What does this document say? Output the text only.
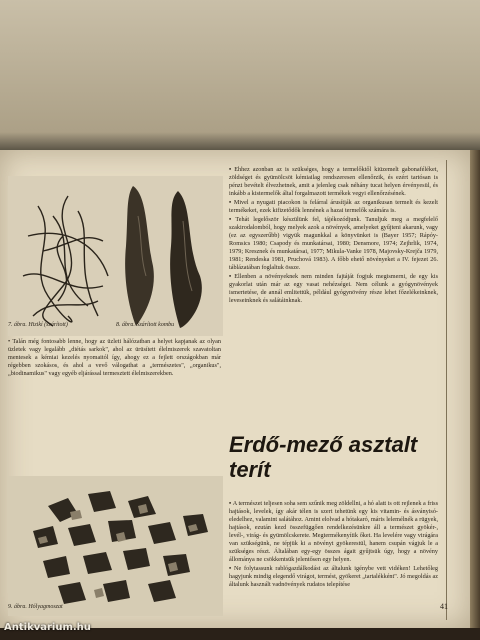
7. ábra. Hizikí (szárított)	8. ábra. Szárított kombu

• Talán még fontosabb lenne, hogy az üzleti hálózatban a helyet kapjanak az olyan üzletek vagy legalább „diétás sarkok", ahol az ürüsített élelmiszerek szavatoltan mentesek a kémiai kezelés nyomaitól így, ahogy ez a fejlett országokban már régebben szokásos, és ahol a vevő válogathat a „természetes", „organikus", „biodinamikus" vagy egyéb eljárással termesztett élelmiszerekben.

9. ábra. Hólyagmoszat

• Ehhez azonban az is szükséges, hogy a termelőktől kiüzemelt gabonaféléket, zöldséget és gyümölcsöt kémiailag rendszeresen ellenőrzik, és ezért tartósan is pénzt bevételt élvezhetnek, amit a jelenleg csak néhány tucat helyen érvényesül, és inkább a kistermelők által forgalmazott termékek vegyi ellenőrzésének.

• Mivel a nyugati piacokon is felárral árusítják az organikusan termelt és kezelt termékeket, ezek kifizetődők lennének a hazai termelők számára is.

• Tehát legelőször készülünk fel, tájékozódjunk. Tanuljuk meg a megfelelő szakirodalomból, hogy melyek azok a növények, amelyeket gyűjteni akarunk, vagy (ez az egyszerűbb) vigyük magunkkal a könyvünket is (Bayer 1957; Rápóy-Romsics 1980; Csapody és munkatársai, 1980; Densmore, 1974; Zejhrlik, 1974, 1979; Kresznek és munkatársai, 1977; Mikula-Vanke 1978, Majovsky-Krejča 1979, 1981; Rendeska 1981, Pruchová 1983). A főbb ehető növényeket a IV. fejezet 26. táblázatában foglaltuk össze.

• Ellenben a növényeknek nem minden fajtáját fogjuk megismerni, de egy kis gyakorlat után már az egy vasat nehézségei. Nem célunk a gyógynövények ismertetése, de annál emlitettük, például gyógynövény része lehet főzelékeinknek, leveseinknek és salátáinknak.

Erdő-mező asztalt terít

• A természet teljesen soha sem szűnik meg zöldellni, a hó alatt is ott rejlenek a friss hajtások, levelek, így akár télen is szert tehetünk egy kis vitamin- és ásványisó-eledelhez, valamint salátához. Amint elolvad a hótakaró, máris lelemélnék a rügyek, hajtások, ezután kezd összefüggően rendelkezésünkre áll a természet gyökér-, levél-, virág- és gyümölcskerete. Megtermékenyítik őket. Ha levelére vagy virágára van szükségünk, ne tépjük ki a növényt gyökerestül, hanem csupán vágjuk le a szükséges részt. Általában egy-egy összes ágait gyűjtsük úgy, hogy a növény állománya ne csökkentsük jelentősen egy helyen.

• Ne folytassunk rablógazdálkodást az általunk igénybe vett vidéken! Lehetőleg hagyjunk mindig elegendő virágot, termést, gyökeret „tartalékként". Jó megoldás az általunk használt vadnövények rudatos telepítése

41
Antikvarium.hu
